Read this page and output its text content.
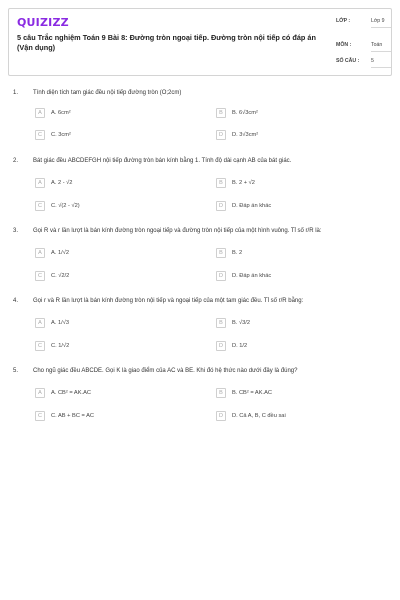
QUIZIZZ
5 câu Trắc nghiệm Toán 9 Bài 8: Đường tròn ngoại tiếp. Đường tròn nội tiếp có đáp án (Vận dụng)
LỚP :	Lớp 9
MÔN :	Toán
SỐ CÂU :	5
1. Tính diện tích tam giác đều nội tiếp đường tròn (O;2cm)
A	A. 6cm²	B	B. 6√3cm²
C	C. 3cm²	D	D. 3√3cm²
2. Bát giác đều ABCDEFGH nội tiếp đường tròn bán kính bằng 1. Tính độ dài cạnh AB của bát giác.
A	A. 2 - √2	B	B. 2 + √2
C	C. √(2 - √2)	D	D. Đáp án khác
3. Gọi R và r lần lượt là bán kính đường tròn ngoại tiếp và đường tròn nội tiếp của một hình vuông. Tỉ số r/R là:
A	A. 1/√2	B	B. 2
C	C. √2/2	D	D. Đáp án khác
4. Gọi r và R lần lượt là bán kính đường tròn nội tiếp và ngoại tiếp của một tam giác đều. Tỉ số r/R bằng:
A	A. 1/√3	B	B. √3/2
C	C. 1/√2	D	D. 1/2
5. Cho ngũ giác đều ABCDE. Gọi K là giao điểm của AC và BE. Khi đó hệ thức nào dưới đây là đúng?
A	A. CB² = AK.AC	B	B. CB² = AK.AC
C	C. AB + BC = AC	D	D. Cả A, B, C đều sai
